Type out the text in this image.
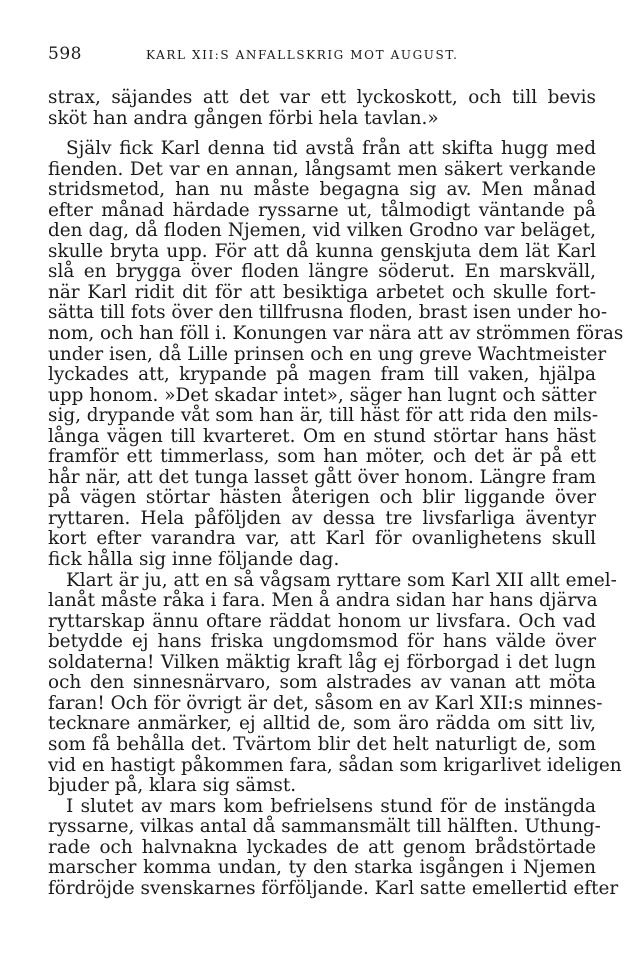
598	KARL XII:S ANFALLSKRIG MOT AUGUST.
strax, säjandes att det var ett lyckoskott, och till bevis
sköt han andra gången förbi hela tavlan.»
Själv fick Karl denna tid avstå från att skifta hugg med
fienden. Det var en annan, långsamt men säkert verkande
stridsmetod, han nu måste begagna sig av. Men månad
efter månad härdade ryssarne ut, tålmodigt väntande på
den dag, då floden Njemen, vid vilken Grodno var beläget,
skulle bryta upp. För att då kunna genskjuta dem lät Karl
slå en brygga över floden längre söderut. En marskväll,
när Karl ridit dit för att besiktiga arbetet och skulle fort-
sätta till fots över den tillfrusna floden, brast isen under ho-
nom, och han föll i. Konungen var nära att av strömmen föras
under isen, då Lille prinsen och en ung greve Wachtmeister
lyckades att, krypande på magen fram till vaken, hjälpa
upp honom. »Det skadar intet», säger han lugnt och sätter
sig, drypande våt som han är, till häst för att rida den mils-
långa vägen till kvarteret. Om en stund störtar hans häst
framför ett timmerlass, som han möter, och det är på ett
hår när, att det tunga lasset gått över honom. Längre fram
på vägen störtar hästen återigen och blir liggande över
ryttaren. Hela påföljden av dessa tre livsfarliga äventyr
kort efter varandra var, att Karl för ovanlighetens skull
fick hålla sig inne följande dag.
Klart är ju, att en så vågsam ryttare som Karl XII allt emel-
lanåt måste råka i fara. Men å andra sidan har hans djärva
ryttarskap ännu oftare räddat honom ur livsfara. Och vad
betydde ej hans friska ungdomsmod för hans välde över
soldaterna! Vilken mäktig kraft låg ej förborgad i det lugn
och den sinnesnärvaro, som alstrades av vanan att möta
faran! Och för övrigt är det, såsom en av Karl XII:s minnes-
tecknare anmärker, ej alltid de, som äro rädda om sitt liv,
som få behålla det. Tvärtom blir det helt naturligt de, som
vid en hastigt påkommen fara, sådan som krigarlivet ideligen
bjuder på, klara sig sämst.
I slutet av mars kom befrielsens stund för de instängda
ryssarne, vilkas antal då sammansmält till hälften. Uthung-
rade och halvnakna lyckades de att genom brådstörtade
marscher komma undan, ty den starka isgången i Njemen
fördröjde svenskarnes förföljande. Karl satte emellertid efter
